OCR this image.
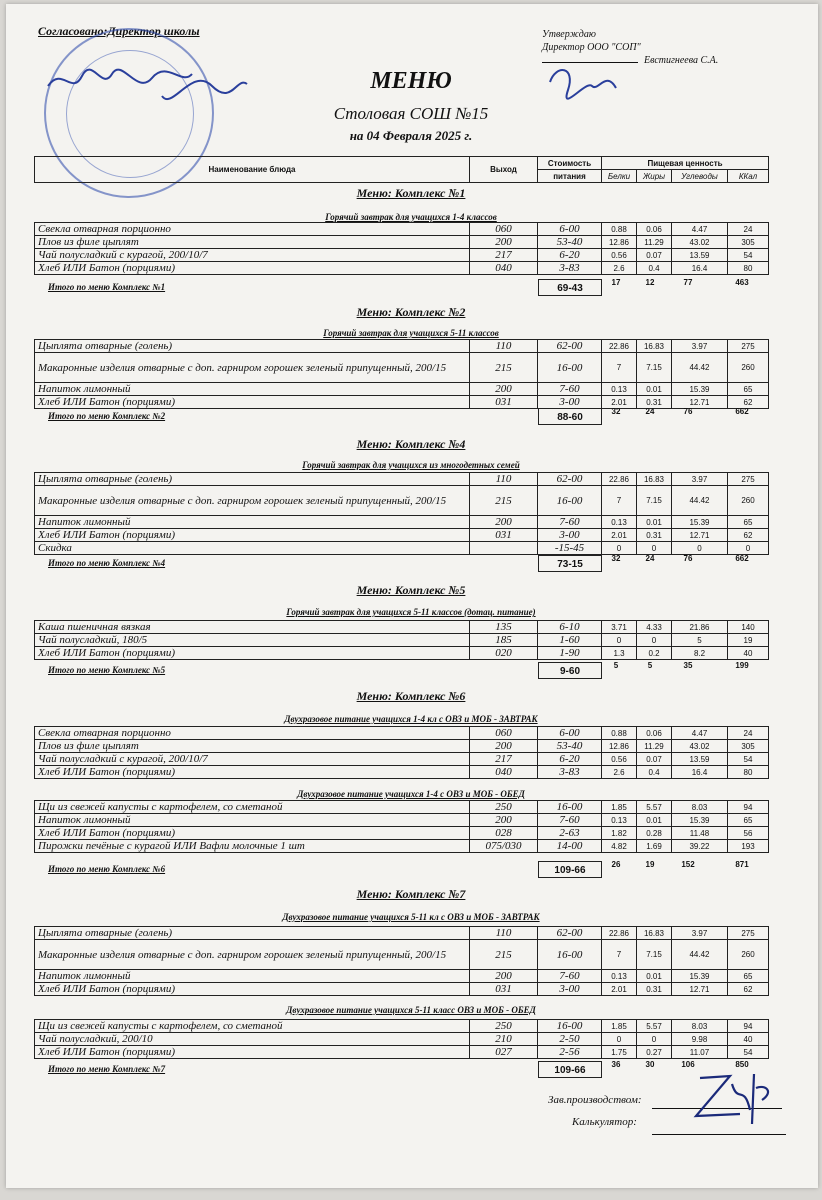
Согласовано:Директор школы	Утверждаю
Директор ООО "СОП"
Евстигнеева С.А.
МЕНЮ
Столовая СОШ №15
на 04 Февраля 2025 г.
Наименование блюда	Выход	Стоимость	Пищевая ценность			
		питания	Белки	Жиры	Углеводы	ККал
Меню: Комплекс №1
Горячий завтрак для учащихся 1-4 классов
Свекла отварная порционно	060	6-00	0.88	0.06	4.47	24
Плов из филе цыплят	200	53-40	12.86	11.29	43.02	305
Чай полусладкий с курагой, 200/10/7	217	6-20	0.56	0.07	13.59	54
Хлеб ИЛИ Батон (порциями)	040	3-83	2.6	0.4	16.4	80
Итого по меню Комплекс №1	69-43
17	12	77	463
Меню: Комплекс №2
Горячий завтрак для учащихся 5-11 классов
Цыплята отварные (голень)	110	62-00	22.86	16.83	3.97	275
Макаронные изделия отварные с доп. гарниром горошек зеленый припущенный, 200/15	215	16-00	7	7.15	44.42	260
Напиток лимонный	200	7-60	0.13	0.01	15.39	65
Хлеб ИЛИ Батон (порциями)	031	3-00	2.01	0.31	12.71	62
Итого по меню Комплекс №2	88-60
32	24	76	662
Меню: Комплекс №4
Горячий завтрак для учащихся из многодетных семей
Цыплята отварные (голень)	110	62-00	22.86	16.83	3.97	275
Макаронные изделия отварные с доп. гарниром горошек зеленый припущенный, 200/15	215	16-00	7	7.15	44.42	260
Напиток лимонный	200	7-60	0.13	0.01	15.39	65
Хлеб ИЛИ Батон (порциями)	031	3-00	2.01	0.31	12.71	62
Скидка		-15-45	0	0	0	0
Итого по меню Комплекс №4	73-15
32	24	76	662
Меню: Комплекс №5
Горячий завтрак для учащихся 5-11 классов (дотац. питание)
Каша пшеничная вязкая	135	6-10	3.71	4.33	21.86	140
Чай полусладкий, 180/5	185	1-60	0	0	5	19
Хлеб ИЛИ Батон (порциями)	020	1-90	1.3	0.2	8.2	40
Итого по меню Комплекс №5	9-60
5	5	35	199
Меню: Комплекс №6
Двухразовое питание учащихся 1-4 кл с ОВЗ и МОБ - ЗАВТРАК
Свекла отварная порционно	060	6-00	0.88	0.06	4.47	24
Плов из филе цыплят	200	53-40	12.86	11.29	43.02	305
Чай полусладкий с курагой, 200/10/7	217	6-20	0.56	0.07	13.59	54
Хлеб ИЛИ Батон (порциями)	040	3-83	2.6	0.4	16.4	80
Двухразовое питание учащихся 1-4 с ОВЗ и МОБ - ОБЕД
Щи из свежей капусты с картофелем, со сметаной	250	16-00	1.85	5.57	8.03	94
Напиток лимонный	200	7-60	0.13	0.01	15.39	65
Хлеб ИЛИ Батон (порциями)	028	2-63	1.82	0.28	11.48	56
Пирожки печёные с курагой ИЛИ Вафли молочные 1 шт	075/030	14-00	4.82	1.69	39.22	193
Итого по меню Комплекс №6	109-66
26	19	152	871
Меню: Комплекс №7
Двухразовое питание учащихся 5-11 кл с ОВЗ и МОБ - ЗАВТРАК
Цыплята отварные (голень)	110	62-00	22.86	16.83	3.97	275
Макаронные изделия отварные с доп. гарниром горошек зеленый припущенный, 200/15	215	16-00	7	7.15	44.42	260
Напиток лимонный	200	7-60	0.13	0.01	15.39	65
Хлеб ИЛИ Батон (порциями)	031	3-00	2.01	0.31	12.71	62
Двухразовое питание учащихся 5-11 класс ОВЗ и МОБ - ОБЕД
Щи из свежей капусты с картофелем, со сметаной	250	16-00	1.85	5.57	8.03	94
Чай полусладкий, 200/10	210	2-50	0	0	9.98	40
Хлеб ИЛИ Батон (порциями)	027	2-56	1.75	0.27	11.07	54
Итого по меню Комплекс №7	109-66
36	30	106	850
Зав.производством:
Калькулятор:
